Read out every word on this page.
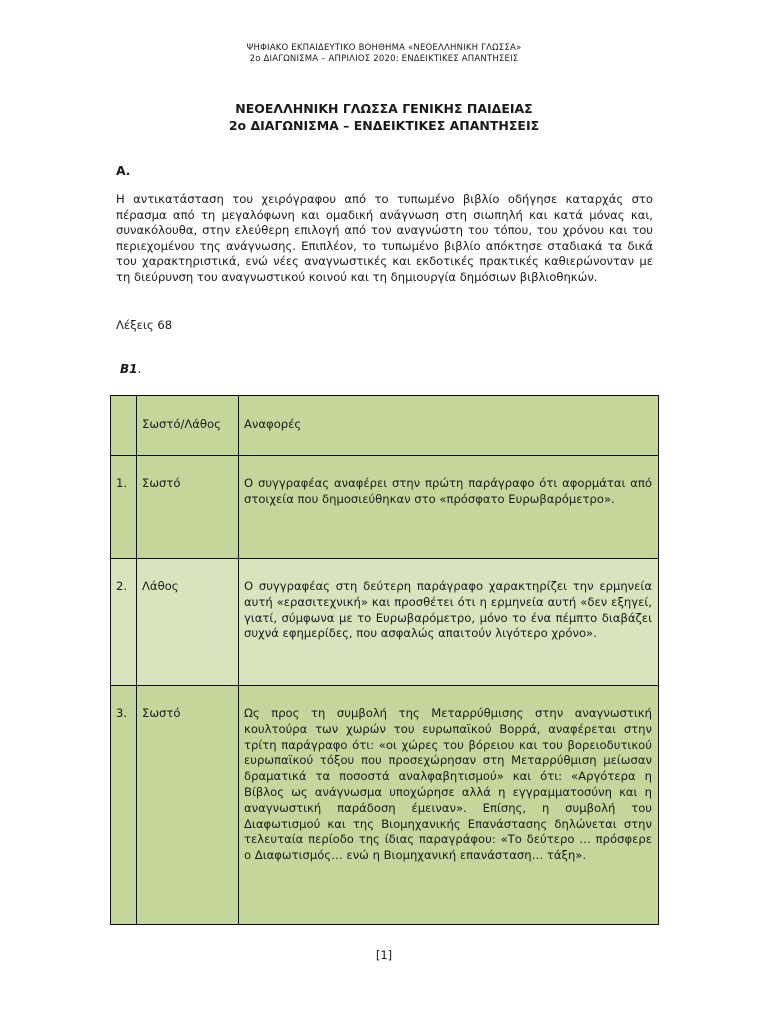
ΨΗΦΙΑΚΟ ΕΚΠΑΙΔΕΥΤΙΚΟ ΒΟΗΘΗΜΑ «ΝΕΟΕΛΛΗΝΙΚΗ ΓΛΩΣΣΑ»
2ο ΔΙΑΓΩΝΙΣΜΑ – ΑΠΡΙΛΙΟΣ 2020: ΕΝΔΕΙΚΤΙΚΕΣ ΑΠΑΝΤΗΣΕΙΣ
ΝΕΟΕΛΛΗΝΙΚΗ ΓΛΩΣΣΑ ΓΕΝΙΚΗΣ ΠΑΙΔΕΙΑΣ
2ο ΔΙΑΓΩΝΙΣΜΑ – ΕΝΔΕΙΚΤΙΚΕΣ ΑΠΑΝΤΗΣΕΙΣ
Α.
Η αντικατάσταση του χειρόγραφου από το τυπωμένο βιβλίο οδήγησε καταρχάς στο πέρασμα από τη μεγαλόφωνη και ομαδική ανάγνωση στη σιωπηλή και κατά μόνας και, συνακόλουθα, στην ελεύθερη επιλογή από τον αναγνώστη του τόπου, του χρόνου και του περιεχομένου της ανάγνωσης. Επιπλέον, το τυπωμένο βιβλίο απόκτησε σταδιακά τα δικά του χαρακτηριστικά, ενώ νέες αναγνωστικές και εκδοτικές πρακτικές καθιερώνονταν με τη διεύρυνση του αναγνωστικού κοινού και τη δημιουργία δημόσιων βιβλιοθηκών.
Λέξεις 68
Β1.

	Σωστό/Λάθος	Αναφορές

1.	Σωστό	Ο συγγραφέας αναφέρει στην πρώτη παράγραφο ότι αφορμάται από στοιχεία που δημοσιεύθηκαν στο «πρόσφατο Ευρωβαρόμετρο».

2.	Λάθος	Ο συγγραφέας στη δεύτερη παράγραφο χαρακτηρίζει την ερμηνεία αυτή «ερασιτεχνική» και προσθέτει ότι η ερμηνεία αυτή «δεν εξηγεί, γιατί, σύμφωνα με το Ευρωβαρόμετρο, μόνο το ένα πέμπτο διαβάζει συχνά εφημερίδες, που ασφαλώς απαιτούν λιγότερο χρόνο».

3.	Σωστό	Ως προς τη συμβολή της Μεταρρύθμισης στην αναγνωστική κουλτούρα των χωρών του ευρωπαϊκού Βορρά, αναφέρεται στην τρίτη παράγραφο ότι: «οι χώρες του βόρειου και του βορειοδυτικού ευρωπαϊκού τόξου που προσεχώρησαν στη Μεταρρύθμιση μείωσαν δραματικά τα ποσοστά αναλφαβητισμού» και ότι: «Αργότερα η Βίβλος ως ανάγνωσμα υποχώρησε αλλά η εγγραμματοσύνη και η αναγνωστική παράδοση έμειναν». Επίσης, η συμβολή του Διαφωτισμού και της Βιομηχανικής Επανάστασης δηλώνεται στην τελευταία περίοδο της ίδιας παραγράφου: «Το δεύτερο … πρόσφερε ο Διαφωτισμός… ενώ η Βιομηχανική επανάσταση… τάξη».
[1]
